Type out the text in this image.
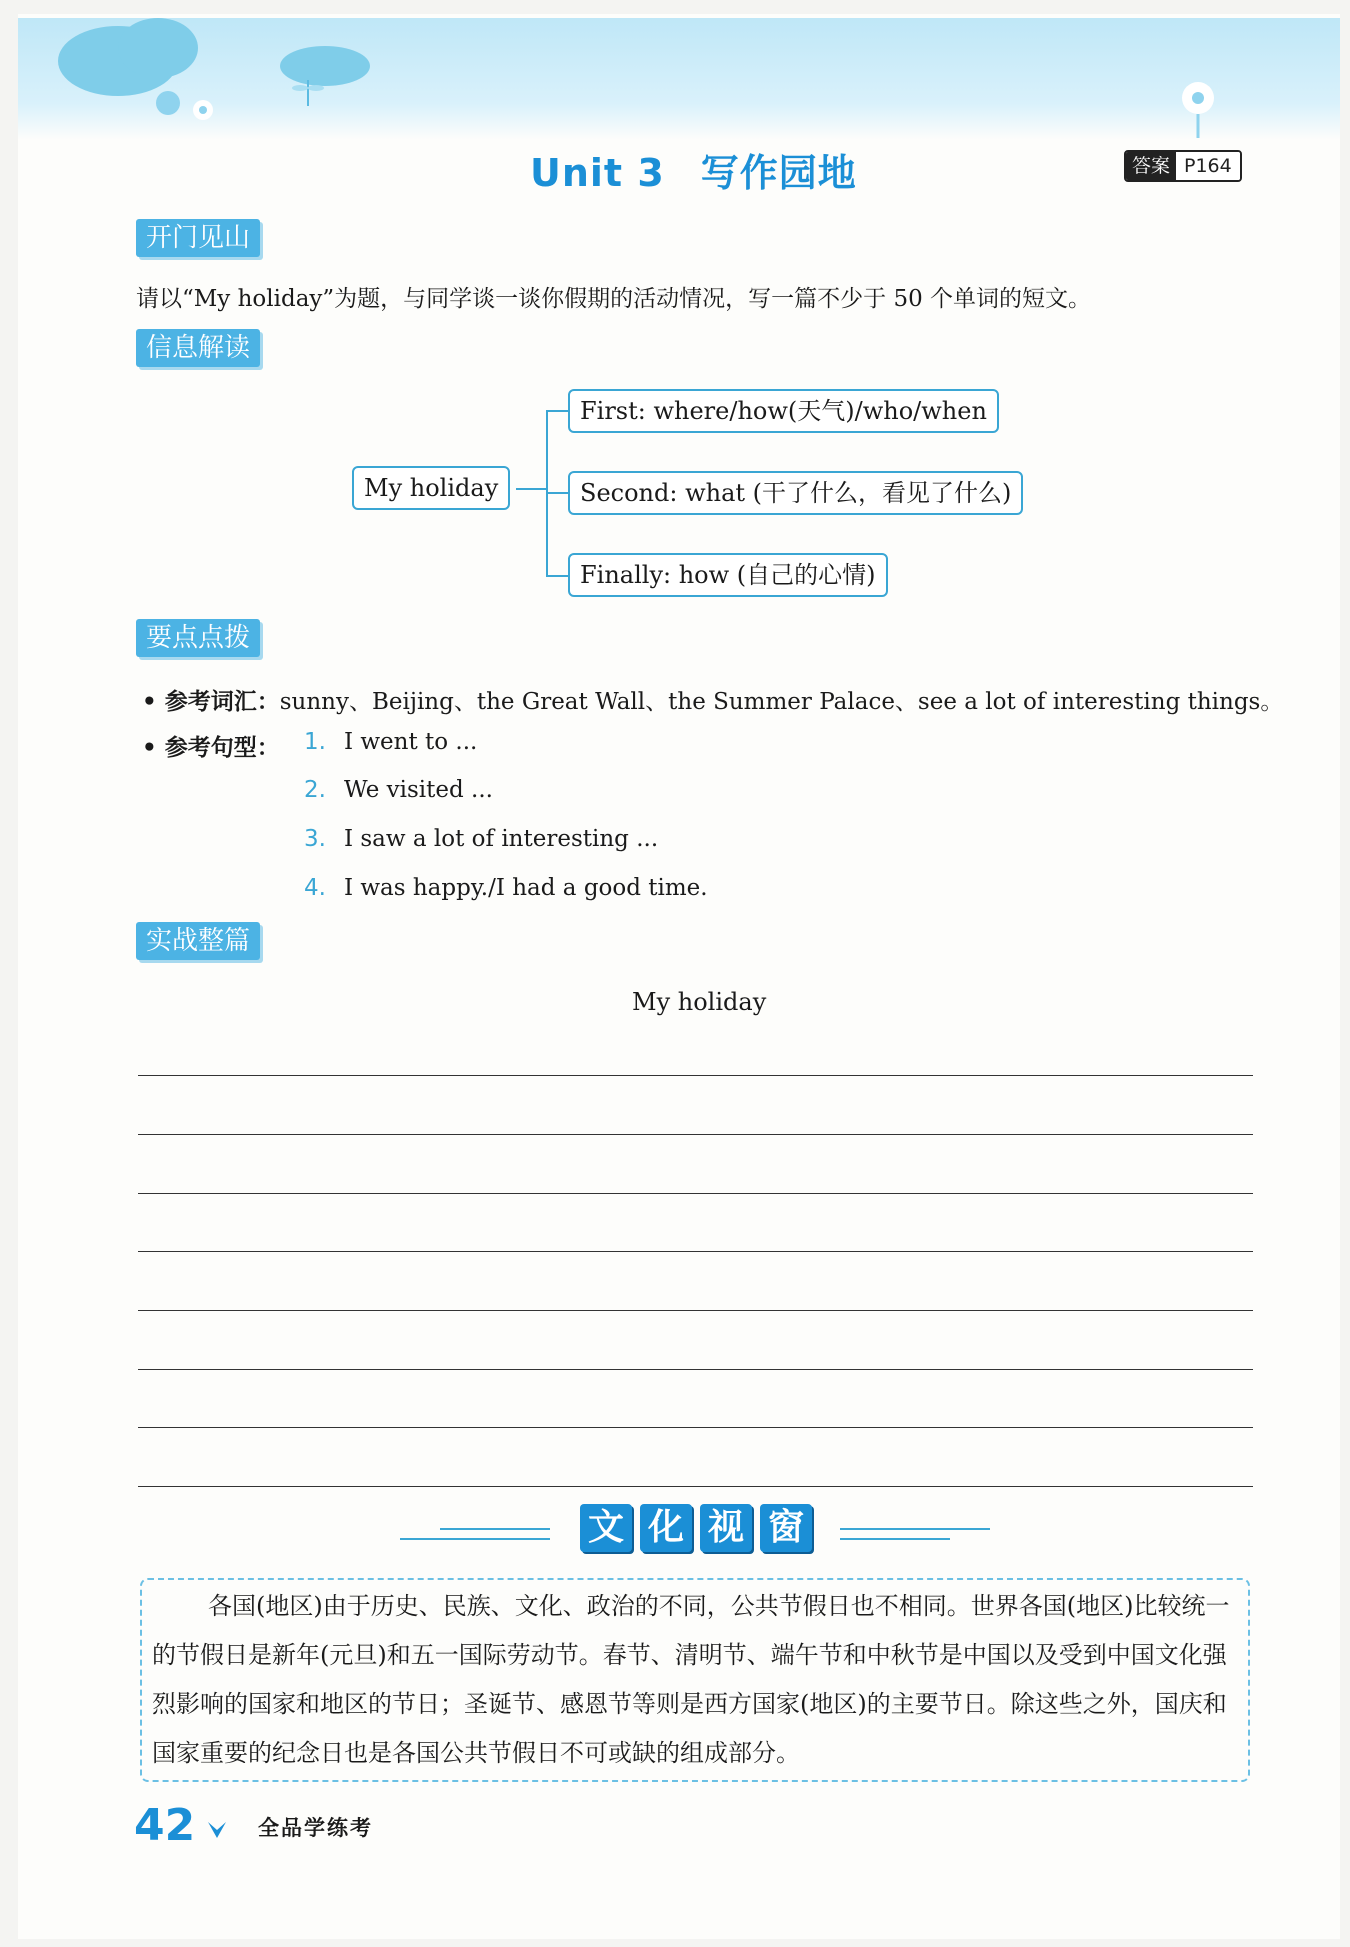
Unit 3 写作园地	答案 P164
开门见山
请以“My holiday”为题，与同学谈一谈你假期的活动情况，写一篇不少于 50 个单词的短文。
信息解读
My holiday
First: where/how(天气)/who/when
Second: what (干了什么，看见了什么)
Finally: how (自己的心情)
要点点拨
• 参考词汇：sunny、Beijing、the Great Wall、the Summer Palace、see a lot of interesting things。
• 参考句型： 1. I went to ...
2. We visited ...
3. I saw a lot of interesting ...
4. I was happy./I had a good time.
实战整篇
My holiday
文 化 视 窗
各国(地区)由于历史、民族、文化、政治的不同，公共节假日也不相同。世界各国(地区)比较统一的节假日是新年(元旦)和五一国际劳动节。春节、清明节、端午节和中秋节是中国以及受到中国文化强烈影响的国家和地区的节日；圣诞节、感恩节等则是西方国家(地区)的主要节日。除这些之外，国庆和国家重要的纪念日也是各国公共节假日不可或缺的组成部分。
42	全品学练考
